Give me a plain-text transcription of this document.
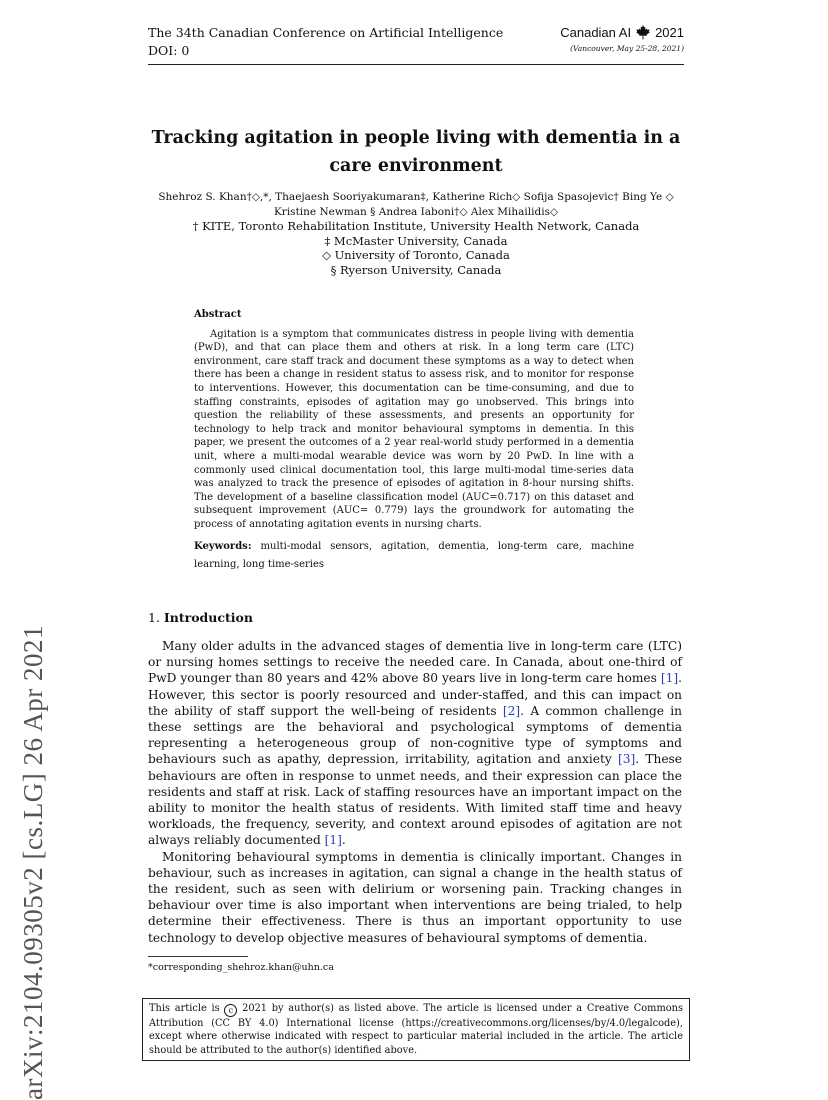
The 34th Canadian Conference on Artificial Intelligence
DOI: 0
Canadian AI 2021
(Vancouver, May 25-28, 2021)
arXiv:2104.09305v2 [cs.LG] 26 Apr 2021
Tracking agitation in people living with dementia in a care environment
Shehroz S. Khan†◇,*, Thaejaesh Sooriyakumaran‡, Katherine Rich◇ Sofija Spasojevic† Bing Ye ◇
Kristine Newman § Andrea Iaboni†◇ Alex Mihailidis◇
† KITE, Toronto Rehabilitation Institute, University Health Network, Canada
‡ McMaster University, Canada
◇ University of Toronto, Canada
§ Ryerson University, Canada
Abstract

Agitation is a symptom that communicates distress in people living with dementia (PwD), and that can place them and others at risk. In a long term care (LTC) environment, care staff track and document these symptoms as a way to detect when there has been a change in resident status to assess risk, and to monitor for response to interventions. However, this documentation can be time-consuming, and due to staffing constraints, episodes of agitation may go unobserved. This brings into question the reliability of these assessments, and presents an opportunity for technology to help track and monitor behavioural symptoms in dementia. In this paper, we present the outcomes of a 2 year real-world study performed in a dementia unit, where a multi-modal wearable device was worn by 20 PwD. In line with a commonly used clinical documentation tool, this large multi-modal time-series data was analyzed to track the presence of episodes of agitation in 8-hour nursing shifts. The development of a baseline classification model (AUC=0.717) on this dataset and subsequent improvement (AUC= 0.779) lays the groundwork for automating the process of annotating agitation events in nursing charts.

Keywords: multi-modal sensors, agitation, dementia, long-term care, machine learning, long time-series
1. Introduction

Many older adults in the advanced stages of dementia live in long-term care (LTC) or nursing homes settings to receive the needed care. In Canada, about one-third of PwD younger than 80 years and 42% above 80 years live in long-term care homes [1]. However, this sector is poorly resourced and under-staffed, and this can impact on the ability of staff support the well-being of residents [2]. A common challenge in these settings are the behavioral and psychological symptoms of dementia representing a heterogeneous group of non-cognitive type of symptoms and behaviours such as apathy, depression, irritability, agitation and anxiety [3]. These behaviours are often in response to unmet needs, and their expression can place the residents and staff at risk. Lack of staffing resources have an important impact on the ability to monitor the health status of residents. With limited staff time and heavy workloads, the frequency, severity, and context around episodes of agitation are not always reliably documented [1].

Monitoring behavioural symptoms in dementia is clinically important. Changes in behaviour, such as increases in agitation, can signal a change in the health status of the resident, such as seen with delirium or worsening pain. Tracking changes in behaviour over time is also important when interventions are being trialed, to help determine their effectiveness. There is thus an important opportunity to use technology to develop objective measures of behavioural symptoms of dementia.

*corresponding_shehroz.khan@uhn.ca
This article is c 2021 by author(s) as listed above. The article is licensed under a Creative Commons Attribution (CC BY 4.0) International license (https://creativecommons.org/licenses/by/4.0/legalcode), except where otherwise indicated with respect to particular material included in the article. The article should be attributed to the author(s) identified above.
